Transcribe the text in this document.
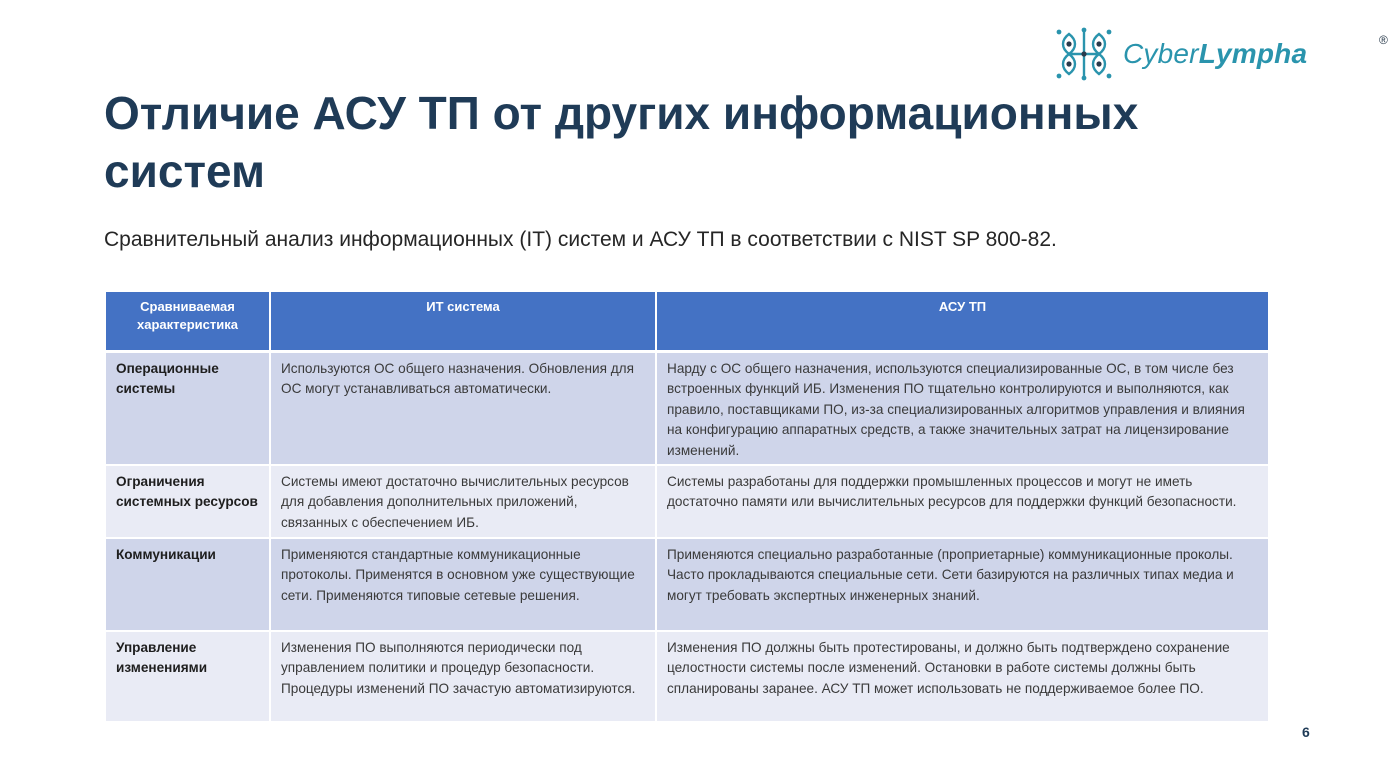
CyberLympha	®
Отличие АСУ ТП от других информационных систем

Сравнительный анализ информационных (IT) систем и АСУ ТП в соответствии с NIST SP 800-82.

Сравниваемая характеристика	ИТ система	АСУ ТП
Операционные системы	Используются ОС общего назначения. Обновления для ОС могут устанавливаться автоматически.	Нарду с ОС общего назначения, используются специализированные ОС, в том числе без встроенных функций ИБ. Изменения ПО тщательно контролируются и выполняются, как правило, поставщиками ПО, из-за специализированных алгоритмов управления и влияния на конфигурацию аппаратных средств, а также значительных затрат на лицензирование изменений.
Ограничения системных ресурсов	Системы имеют достаточно вычислительных ресурсов для добавления дополнительных приложений, связанных с обеспечением ИБ.	Системы разработаны для поддержки промышленных процессов и могут не иметь достаточно памяти или вычислительных ресурсов для поддержки функций безопасности.
Коммуникации	Применяются стандартные коммуникационные протоколы. Применятся в основном уже существующие сети. Применяются типовые сетевые решения.	Применяются специально разработанные (проприетарные) коммуникационные проколы. Часто прокладываются специальные сети. Сети базируются на различных типах медиа и могут требовать экспертных инженерных знаний.
Управление изменениями	Изменения ПО выполняются периодически под управлением политики и процедур безопасности. Процедуры изменений ПО зачастую автоматизируются.	Изменения ПО должны быть протестированы, и должно быть подтверждено сохранение целостности системы после изменений. Остановки в работе системы должны быть спланированы заранее. АСУ ТП может использовать не поддерживаемое более ПО.
6
